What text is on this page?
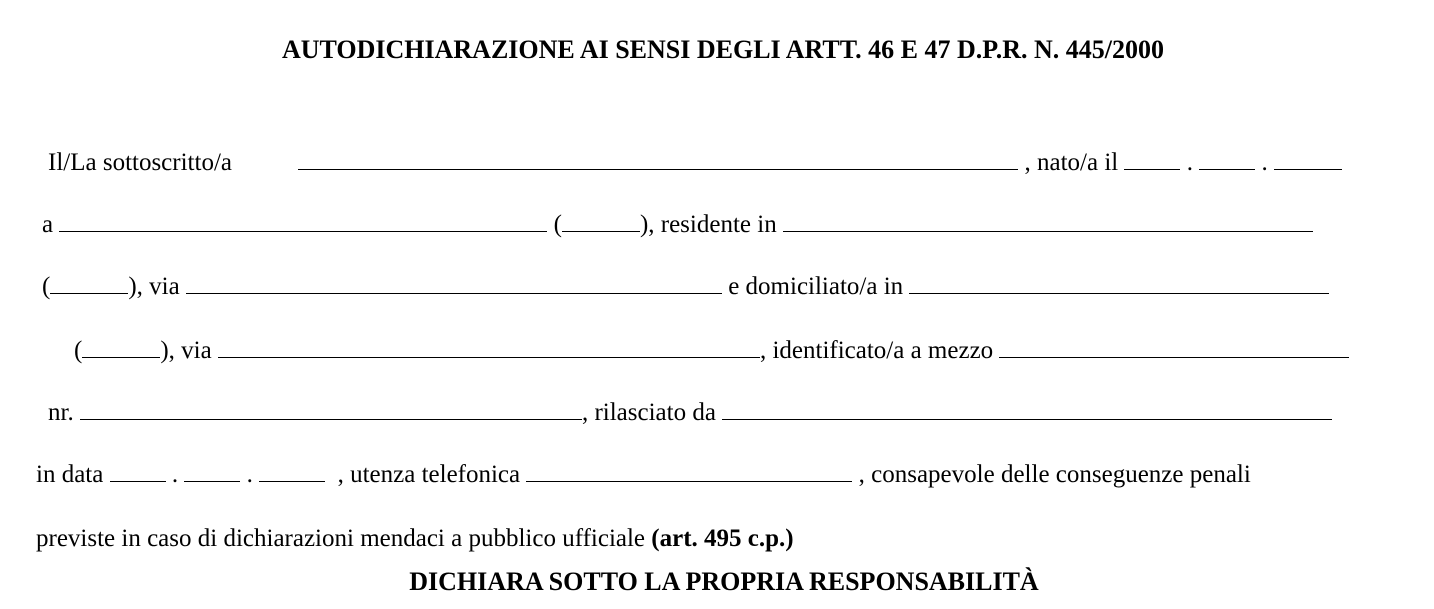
AUTODICHIARAZIONE AI SENSI DEGLI ARTT. 46 E 47 D.P.R. N. 445/2000
Il/La sottoscritto/a	, nato/a il	.	.
a	(	), residente in
(	), via	e domiciliato/a in
(	), via	, identificato/a a mezzo
nr.	, rilasciato da
in data	.	.	, utenza telefonica	, consapevole delle conseguenze penali
previste in caso di dichiarazioni mendaci a pubblico ufficiale (art. 495 c.p.)
DICHIARA SOTTO LA PROPRIA RESPONSABILITÀ
